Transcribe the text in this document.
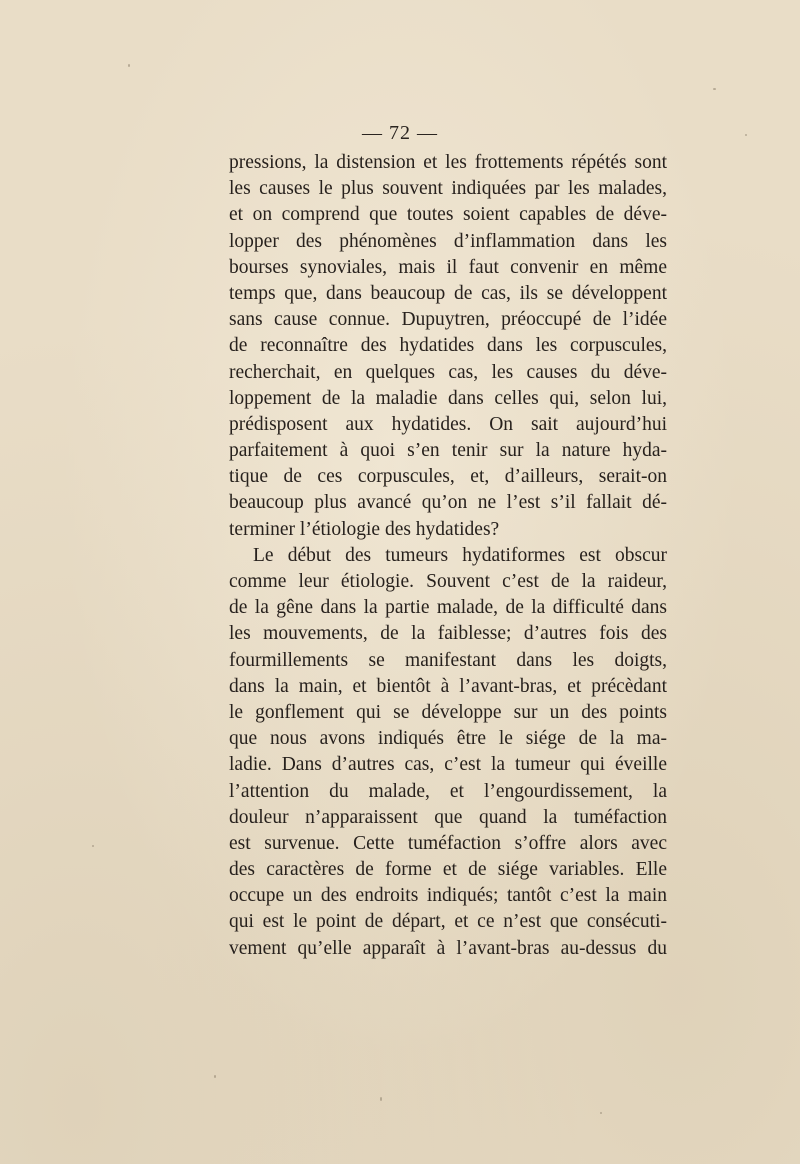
— 72 —
pressions, la distension et les frottements répétés sont
les causes le plus souvent indiquées par les malades,
et on comprend que toutes soient capables de déve-
lopper des phénomènes d’inflammation dans les
bourses synoviales, mais il faut convenir en même
temps que, dans beaucoup de cas, ils se développent
sans cause connue. Dupuytren, préoccupé de l’idée
de reconnaître des hydatides dans les corpuscules,
recherchait, en quelques cas, les causes du déve-
loppement de la maladie dans celles qui, selon lui,
prédisposent aux hydatides. On sait aujourd’hui
parfaitement à quoi s’en tenir sur la nature hyda-
tique de ces corpuscules, et, d’ailleurs, serait-on
beaucoup plus avancé qu’on ne l’est s’il fallait dé-
terminer l’étiologie des hydatides?
Le début des tumeurs hydatiformes est obscur
comme leur étiologie. Souvent c’est de la raideur,
de la gêne dans la partie malade, de la difficulté dans
les mouvements, de la faiblesse; d’autres fois des
fourmillements se manifestant dans les doigts,
dans la main, et bientôt à l’avant-bras, et précèdant
le gonflement qui se développe sur un des points
que nous avons indiqués être le siége de la ma-
ladie. Dans d’autres cas, c’est la tumeur qui éveille
l’attention du malade, et l’engourdissement, la
douleur n’apparaissent que quand la tuméfaction
est survenue. Cette tuméfaction s’offre alors avec
des caractères de forme et de siége variables. Elle
occupe un des endroits indiqués; tantôt c’est la main
qui est le point de départ, et ce n’est que consécuti-
vement qu’elle apparaît à l’avant-bras au-dessus du
